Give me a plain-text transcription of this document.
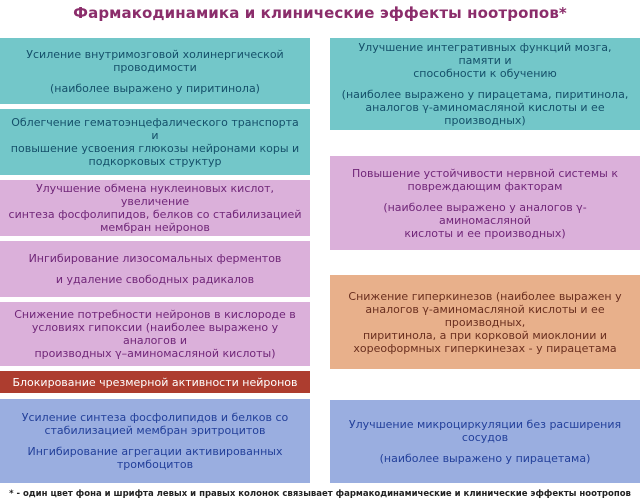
Фармакодинамика и клинические эффекты ноотропов*
Усиление внутримозговой холинергической
проводимости
(наиболее выражено у пиритинола)
Облегчение гематоэнцефалического транспорта и
повышение усвоения глюкозы нейронами коры и
подкорковых структур
Улучшение обмена нуклеиновых кислот, увеличение
синтеза фосфолипидов, белков со стабилизацией
мембран нейронов
Ингибирование лизосомальных ферментов
и удаление свободных радикалов
Снижение потребности нейронов в кислороде в
условиях гипоксии (наиболее выражено у аналогов и
производных γ–аминомасляной кислоты)
Блокирование чрезмерной активности нейронов
Усиление синтеза фосфолипидов и белков со
стабилизацией мембран эритроцитов
Ингибирование агрегации активированных
тромбоцитов
Улучшение интегративных функций мозга, памяти и
способности к обучению
(наиболее выражено у пирацетама, пиритинола,
аналогов γ-аминомасляной кислоты и ее производных)
Повышение устойчивости нервной системы к
повреждающим факторам
(наиболее выражено у аналогов γ-аминомасляной
кислоты и ее производных)
Снижение гиперкинезов (наиболее выражен у
аналогов γ-аминомасляной кислоты и ее производных,
пиритинола, а при корковой миоклонии и
хореоформных гиперкинезах - у пирацетама
Улучшение микроциркуляции без расширения сосудов
(наиболее выражено у пирацетама)
* - один цвет фона и шрифта левых и правых колонок связывает фармакодинамические и клинические эффекты ноотропов
